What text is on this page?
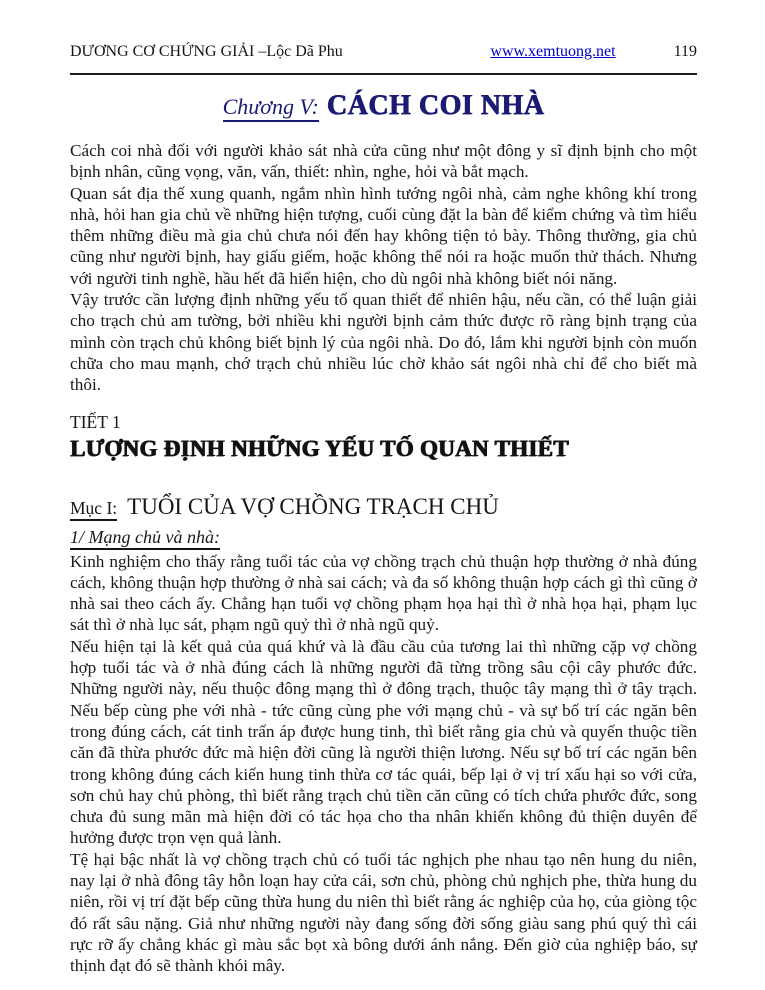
DƯƠNG CƠ CHỨNG GIẢI –Lộc Dã Phu	www.xemtuong.net	119
Chương V: CÁCH COI NHÀ

Cách coi nhà đối với người khảo sát nhà cửa cũng như một đông y sĩ định bịnh cho một bịnh nhân, cũng vọng, văn, vấn, thiết: nhìn, nghe, hỏi và bắt mạch.

Quan sát địa thế xung quanh, ngắm nhìn hình tướng ngôi nhà, cảm nghe không khí trong nhà, hỏi han gia chủ về những hiện tượng, cuối cùng đặt la bàn để kiểm chứng và tìm hiểu thêm những điều mà gia chủ chưa nói đến hay không tiện tỏ bày. Thông thường, gia chủ cũng như người bịnh, hay giấu giếm, hoặc không thể nói ra hoặc muốn thử thách. Nhưng với người tinh nghề, hầu hết đã hiển hiện, cho dù ngôi nhà không biết nói năng.

Vậy trước cần lượng định những yếu tố quan thiết để nhiên hậu, nếu cần, có thể luận giải cho trạch chủ am tường, bởi nhiều khi người bịnh cảm thức được rõ ràng bịnh trạng của mình còn trạch chủ không biết bịnh lý của ngôi nhà. Do đó, lắm khi người bịnh còn muốn chữa cho mau mạnh, chớ trạch chủ nhiều lúc chờ khảo sát ngôi nhà chỉ để cho biết mà thôi.

TIẾT 1
LƯỢNG ĐỊNH NHỮNG YẾU TỐ QUAN THIẾT
Mục I: TUỔI CỦA VỢ CHỒNG TRẠCH CHỦ
1/ Mạng chủ và nhà:

Kinh nghiệm cho thấy rằng tuổi tác của vợ chồng trạch chủ thuận hợp thường ở nhà đúng cách, không thuận hợp thường ở nhà sai cách; và đa số không thuận hợp cách gì thì cũng ở nhà sai theo cách ấy. Chẳng hạn tuổi vợ chồng phạm họa hại thì ở nhà họa hại, phạm lục sát thì ở nhà lục sát, phạm ngũ quỷ thì ở nhà ngũ quỷ.

Nếu hiện tại là kết quả của quá khứ và là đầu cầu của tương lai thì những cặp vợ chồng hợp tuổi tác và ở nhà đúng cách là những người đã từng trồng sâu cội cây phước đức. Những người này, nếu thuộc đông mạng thì ở đông trạch, thuộc tây mạng thì ở tây trạch. Nếu bếp cùng phe với nhà - tức cũng cùng phe với mạng chủ - và sự bố trí các ngăn bên trong đúng cách, cát tinh trấn áp được hung tinh, thì biết rằng gia chủ và quyến thuộc tiền căn đã thừa phước đức mà hiện đời cũng là người thiện lương. Nếu sự bố trí các ngăn bên trong không đúng cách kiến hung tinh thừa cơ tác quái, bếp lại ở vị trí xấu hại so với cửa, sơn chủ hay chủ phòng, thì biết rằng trạch chủ tiền căn cũng có tích chứa phước đức, song chưa đủ sung mãn mà hiện đời có tác họa cho tha nhân khiến không đủ thiện duyên để hưởng được trọn vẹn quả lành.

Tệ hại bậc nhất là vợ chồng trạch chủ có tuổi tác nghịch phe nhau tạo nên hung du niên, nay lại ở nhà đông tây hỗn loạn hay cửa cái, sơn chủ, phòng chủ nghịch phe, thừa hung du niên, rồi vị trí đặt bếp cũng thừa hung du niên thì biết rằng ác nghiệp của họ, của giòng tộc đó rất sâu nặng. Giả như những người này đang sống đời sống giàu sang phú quý thì cái rực rỡ ấy chẳng khác gì màu sắc bọt xà bông dưới ánh nắng. Đến giờ của nghiệp báo, sự thịnh đạt đó sẽ thành khói mây.
